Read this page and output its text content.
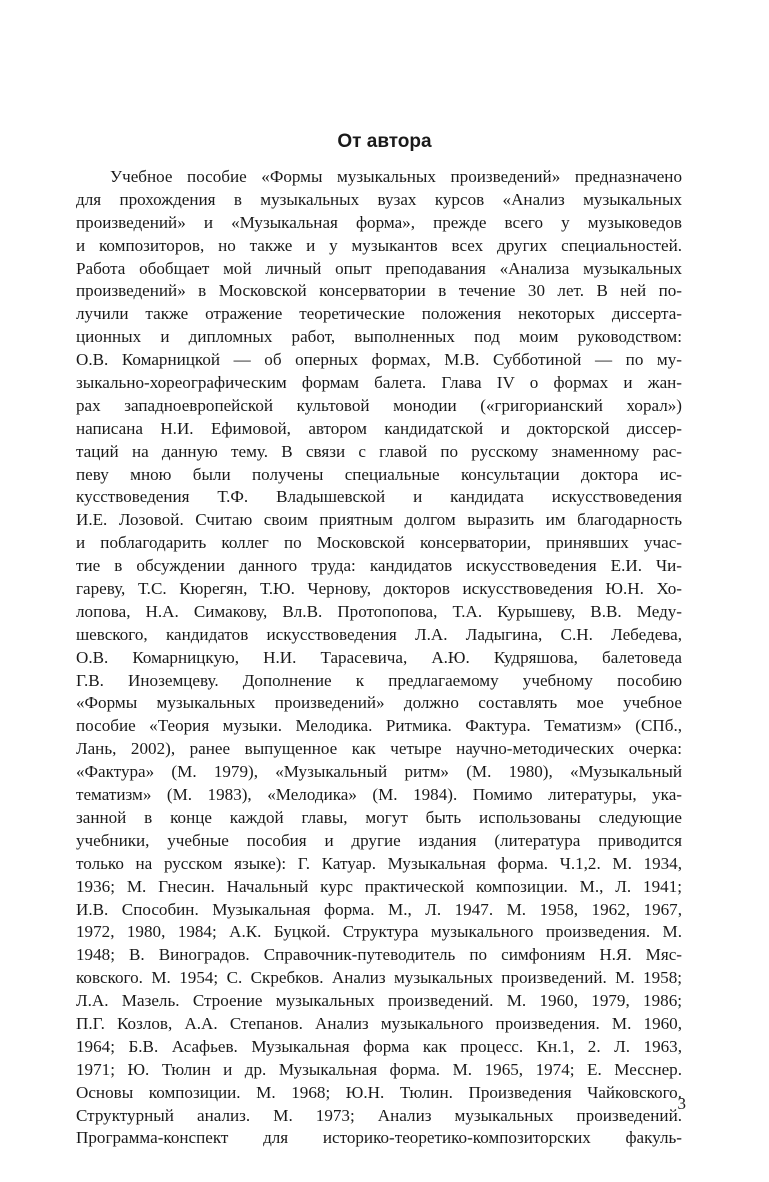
От автора
Учебное пособие «Формы музыкальных произведений» предназначено
для прохождения в музыкальных вузах курсов «Анализ музыкальных
произведений» и «Музыкальная форма», прежде всего у музыковедов
и композиторов, но также и у музыкантов всех других специальностей.
Работа обобщает мой личный опыт преподавания «Анализа музыкальных
произведений» в Московской консерватории в течение 30 лет. В ней по-
лучили также отражение теоретические положения некоторых диссерта-
ционных и дипломных работ, выполненных под моим руководством:
О.В. Комарницкой — об оперных формах, М.В. Субботиной — по му-
зыкально-хореографическим формам балета. Глава IV о формах и жан-
рах западноевропейской культовой монодии («григорианский хорал»)
написана Н.И. Ефимовой, автором кандидатской и докторской диссер-
таций на данную тему. В связи с главой по русскому знаменному рас-
певу мною были получены специальные консультации доктора ис-
кусствоведения Т.Ф. Владышевской и кандидата искусствоведения
И.Е. Лозовой. Считаю своим приятным долгом выразить им благодарность
и поблагодарить коллег по Московской консерватории, принявших учас-
тие в обсуждении данного труда: кандидатов искусствоведения Е.И. Чи-
гареву, Т.С. Кюрегян, Т.Ю. Чернову, докторов искусствоведения Ю.Н. Хо-
лопова, Н.А. Симакову, Вл.В. Протопопова, Т.А. Курышеву, В.В. Меду-
шевского, кандидатов искусствоведения Л.А. Ладыгина, С.Н. Лебедева,
О.В. Комарницкую, Н.И. Тарасевича, А.Ю. Кудряшова, балетоведа
Г.В. Иноземцеву. Дополнение к предлагаемому учебному пособию
«Формы музыкальных произведений» должно составлять мое учебное
пособие «Теория музыки. Мелодика. Ритмика. Фактура. Тематизм» (СПб.,
Лань, 2002), ранее выпущенное как четыре научно-методических очерка:
«Фактура» (М. 1979), «Музыкальный ритм» (М. 1980), «Музыкальный
тематизм» (М. 1983), «Мелодика» (М. 1984). Помимо литературы, ука-
занной в конце каждой главы, могут быть использованы следующие
учебники, учебные пособия и другие издания (литература приводится
только на русском языке): Г. Катуар. Музыкальная форма. Ч.1,2. М. 1934,
1936; М. Гнесин. Начальный курс практической композиции. М., Л. 1941;
И.В. Способин. Музыкальная форма. М., Л. 1947. М. 1958, 1962, 1967,
1972, 1980, 1984; А.К. Буцкой. Структура музыкального произведения. М.
1948; В. Виноградов. Справочник-путеводитель по симфониям Н.Я. Мяс-
ковского. М. 1954; С. Скребков. Анализ музыкальных произведений. М. 1958;
Л.А. Мазель. Строение музыкальных произведений. М. 1960, 1979, 1986;
П.Г. Козлов, А.А. Степанов. Анализ музыкального произведения. М. 1960,
1964; Б.В. Асафьев. Музыкальная форма как процесс. Кн.1, 2. Л. 1963,
1971; Ю. Тюлин и др. Музыкальная форма. М. 1965, 1974; Е. Месснер.
Основы композиции. М. 1968; Ю.Н. Тюлин. Произведения Чайковского.
Структурный анализ. М. 1973; Анализ музыкальных произведений.
Программа-конспект для историко-теоретико-композиторских факуль-
3
